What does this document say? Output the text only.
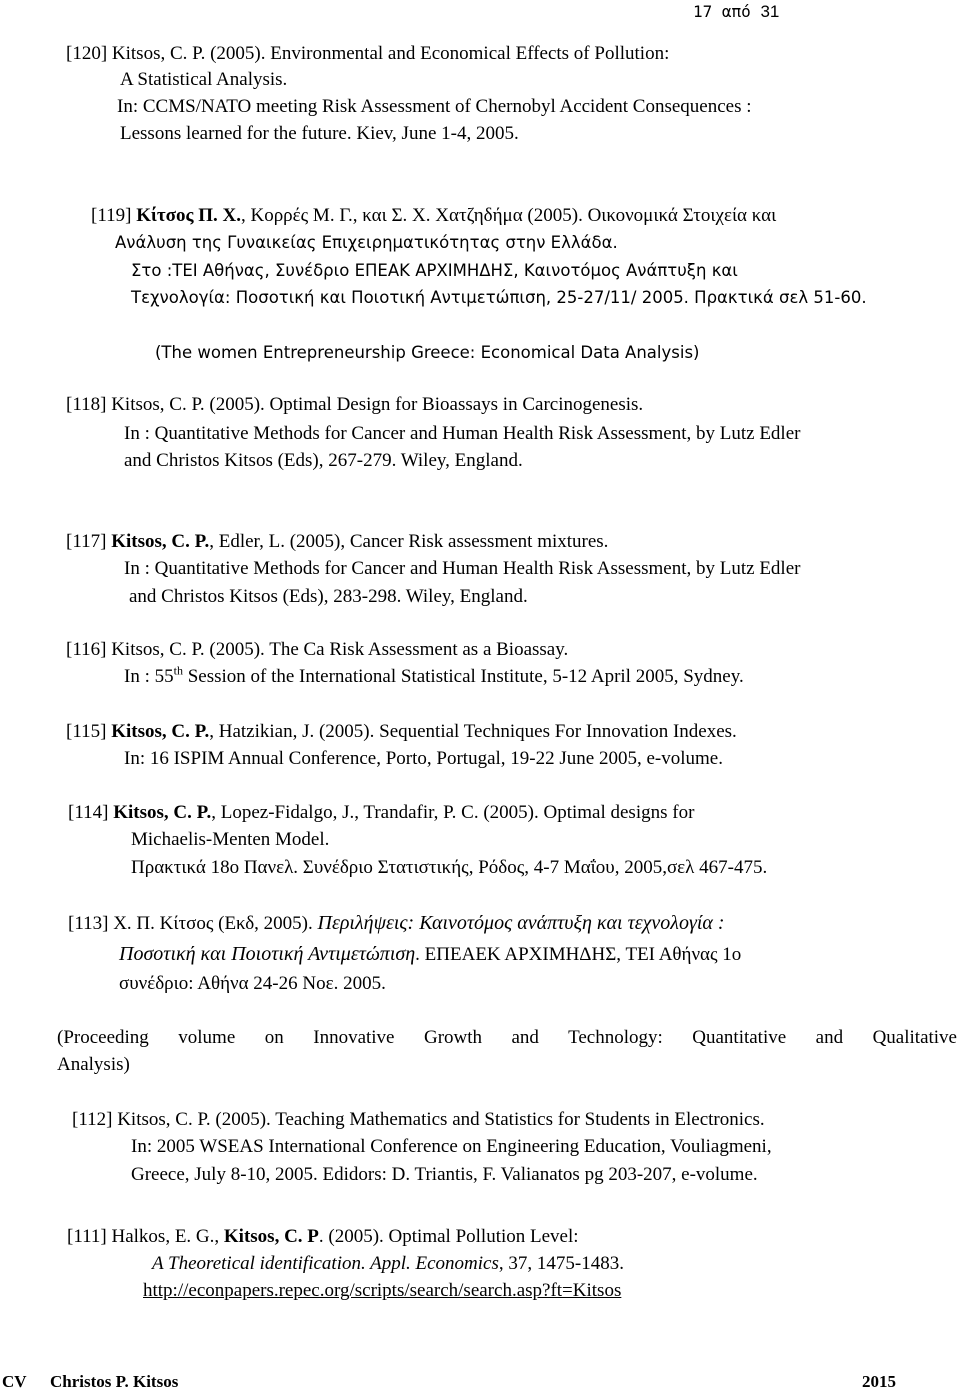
17 από 31
[120] Kitsos, C. P. (2005). Environmental and Economical Effects of Pollution:
A Statistical Analysis.
In: CCMS/NATO meeting Risk Assessment of Chernobyl Accident Consequences :
Lessons learned for the future. Kiev, June 1-4, 2005.
[119] Κίτσος Π. Χ., Κορρές Μ. Γ., και Σ. Χ. Χατζηδήμα (2005). Οικονομικά Στοιχεία και
Ανάλυση της Γυναικείας Επιχειρηματικότητας στην Ελλάδα.
Στο :ΤΕΙ Αθήνας, Συνέδριο ΕΠΕΑΚ ΑΡΧΙΜΗΔΗΣ, Καινοτόμος Ανάπτυξη και
Τεχνολογία: Ποσοτική και Ποιοτική Αντιμετώπιση, 25-27/11/ 2005. Πρακτικά σελ 51-60.
(The women Entrepreneurship Greece: Economical Data Analysis)
[118] Kitsos, C. P. (2005). Optimal Design for Bioassays in Carcinogenesis.
In : Quantitative Methods for Cancer and Human Health Risk Assessment, by Lutz Edler
and Christos Kitsos (Eds), 267-279. Wiley, England.
[117] Kitsos, C. P., Edler, L. (2005), Cancer Risk assessment mixtures.
In : Quantitative Methods for Cancer and Human Health Risk Assessment, by Lutz Edler
and Christos Kitsos (Eds), 283-298. Wiley, England.
[116] Kitsos, C. P. (2005). The Ca Risk Assessment as a Bioassay.
In : 55th Session of the International Statistical Institute, 5-12 April 2005, Sydney.
[115] Kitsos, C. P., Hatzikian, J. (2005). Sequential Techniques For Innovation Indexes.
In: 16 ISPIM Annual Conference, Porto, Portugal, 19-22 June 2005, e-volume.
[114] Kitsos, C. P., Lopez-Fidalgo, J., Trandafir, P. C. (2005). Optimal designs for
Michaelis-Menten Model.
Πρακτικά 18ο Πανελ. Συνέδριο Στατιστικής, Ρόδος, 4-7 Μαΐου, 2005,σελ 467-475.
[113] Χ. Π. Κίτσος (Εκδ, 2005). Περιλήψεις: Καινοτόμος ανάπτυξη και τεχνολογία :
Ποσοτική και Ποιοτική Αντιμετώπιση. ΕΠΕΑΕΚ ΑΡΧΙΜΗΔΗΣ, ΤΕΙ Αθήνας 1ο
συνέδριο: Αθήνα 24-26 Νοε. 2005.
(Proceeding volume on Innovative Growth and Technology: Quantitative and Qualitative
Analysis)
[112] Kitsos, C. P. (2005). Teaching Mathematics and Statistics for Students in Electronics.
In: 2005 WSEAS International Conference on Engineering Education, Vouliagmeni,
Greece, July 8-10, 2005. Edidors: D. Triantis, F. Valianatos pg 203-207, e-volume.
[111] Halkos, E. G., Kitsos, C. P. (2005). Optimal Pollution Level:
A Theoretical identification. Appl. Economics, 37, 1475-1483.
http://econpapers.repec.org/scripts/search/search.asp?ft=Kitsos
CV Christos P. Kitsos	2015
